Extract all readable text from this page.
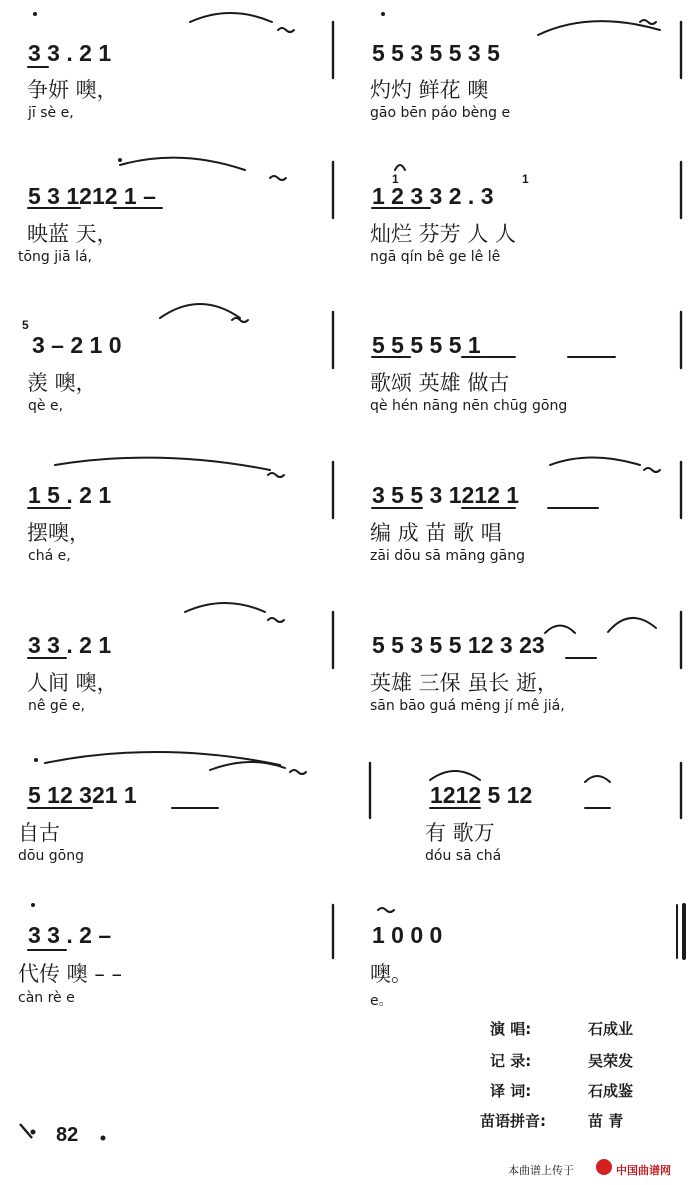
3 3 . 2 1
争妍 噢，
jī sè e,
5 5 3 5 5 3 5
灼灼 鲜花 噢
gāo bēn páo bèng e
5 3 1212 1 –
映蓝 天，
tōng jiā lá,
1 2 3 3 2 . 3
1	1
灿烂 芬芳 人 人
ngā qín bê ge lê lê
5
3 – 2 1 0
羡 噢，
qè e,
5 5 5 5 5 1
歌颂 英雄 做古
qè hén nāng nēn chūg gōng
1 5 . 2 1
摆噢，
chá e,
3 5 5 3 1212 1
编 成 苗 歌 唱
zāi dōu sā māng gāng
3 3 . 2 1
人间 噢，
nê gē e,
5 5 3 5 5 12 3 23
英雄 三保 虽长 逝，
sān bāo guá mēng jí mê jiá,
5 12 321 1
自古
dōu gōng
1212 5 12
有 歌万
dóu sā chá
3 3 . 2 –
代传 噢 – –
càn rè e
1 0 0 0
噢。
e。
演 唱:	石成业
记 录:	吴荣发
译 词:	石成鉴
苗语拼音:	苗 青
82
本曲谱上传于	中国曲谱网
